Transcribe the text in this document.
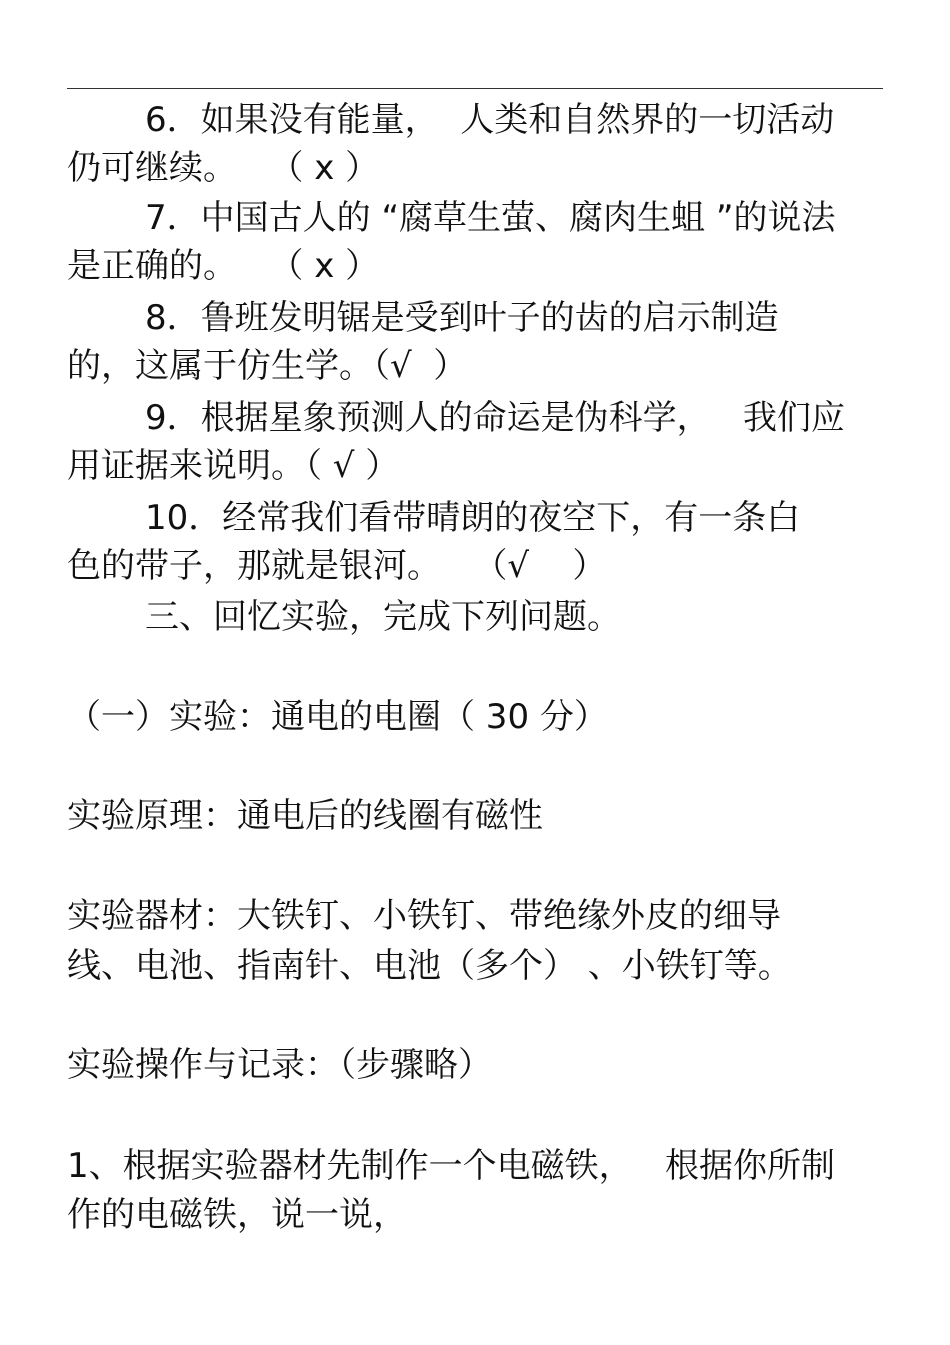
6．如果没有能量，  人类和自然界的一切活动
仍可继续。   （ x ）
7．中国古人的 “腐草生萤、腐肉生蛆 ”的说法
是正确的。   （ x ）
8．鲁班发明锯是受到叶子的齿的启示制造
的，这属于仿生学。（√  ）
9．根据星象预测人的命运是伪科学，   我们应
用证据来说明。（ √ ）
10．经常我们看带晴朗的夜空下，有一条白
色的带子，那就是银河。   （√    ）
三、回忆实验，完成下列问题。
（一）实验：通电的电圈（ 30 分）
实验原理：通电后的线圈有磁性
实验器材：大铁钉、小铁钉、带绝缘外皮的细导
线、电池、指南针、电池（多个） 、小铁钉等。
实验操作与记录：（步骤略）
1、根据实验器材先制作一个电磁铁，   根据你所制
作的电磁铁，说一说，
